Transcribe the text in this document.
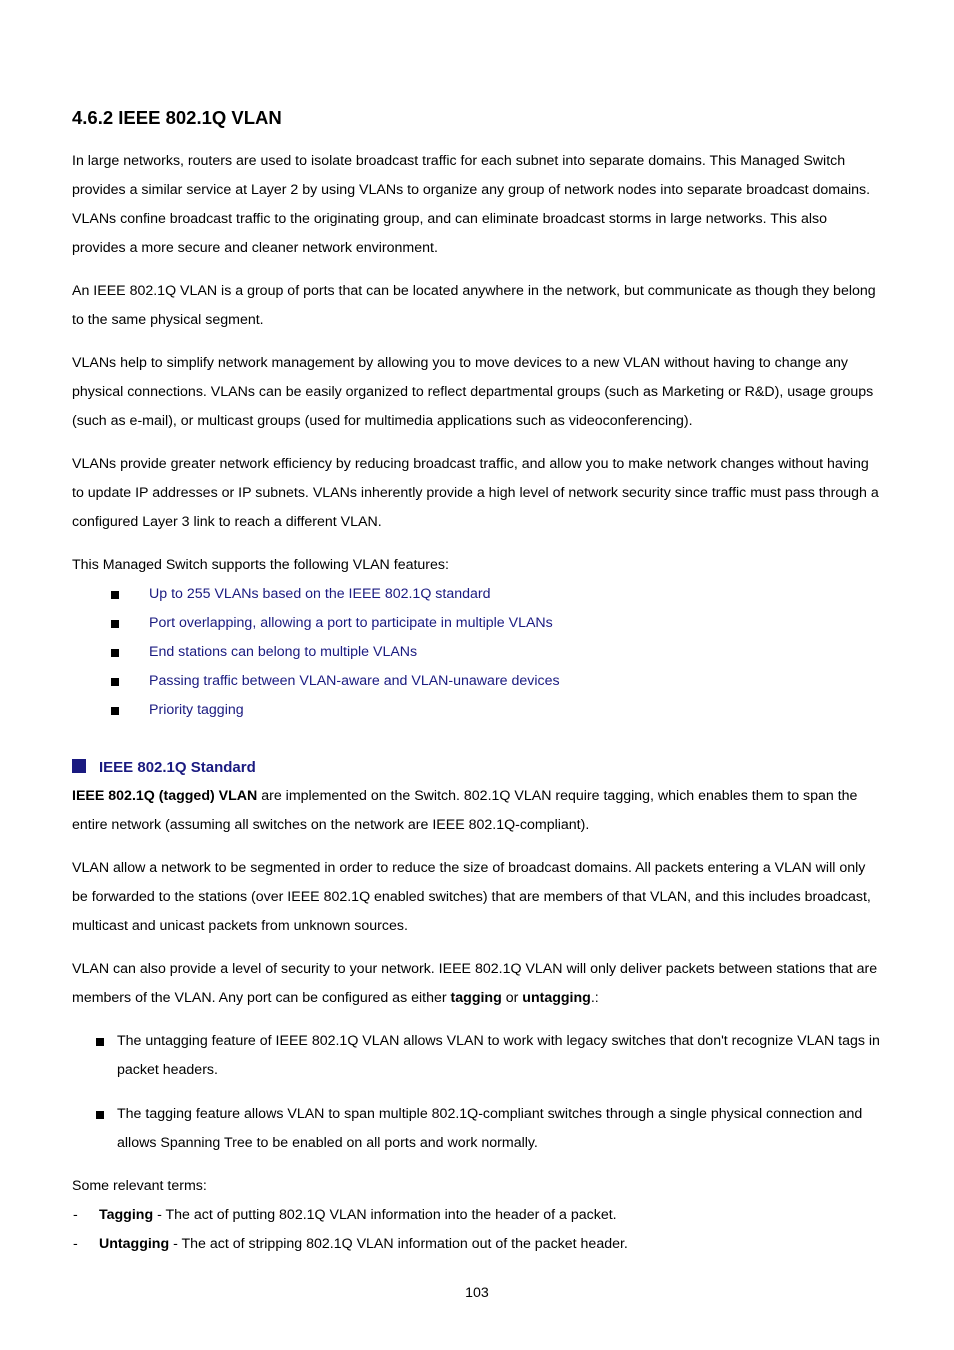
4.6.2 IEEE 802.1Q VLAN

In large networks, routers are used to isolate broadcast traffic for each subnet into separate domains. This Managed Switch provides a similar service at Layer 2 by using VLANs to organize any group of network nodes into separate broadcast domains. VLANs confine broadcast traffic to the originating group, and can eliminate broadcast storms in large networks. This also provides a more secure and cleaner network environment.

An IEEE 802.1Q VLAN is a group of ports that can be located anywhere in the network, but communicate as though they belong to the same physical segment.

VLANs help to simplify network management by allowing you to move devices to a new VLAN without having to change any physical connections. VLANs can be easily organized to reflect departmental groups (such as Marketing or R&D), usage groups (such as e-mail), or multicast groups (used for multimedia applications such as videoconferencing).

VLANs provide greater network efficiency by reducing broadcast traffic, and allow you to make network changes without having to update IP addresses or IP subnets. VLANs inherently provide a high level of network security since traffic must pass through a configured Layer 3 link to reach a different VLAN.

This Managed Switch supports the following VLAN features:

Up to 255 VLANs based on the IEEE 802.1Q standard
Port overlapping, allowing a port to participate in multiple VLANs
End stations can belong to multiple VLANs
Passing traffic between VLAN-aware and VLAN-unaware devices
Priority tagging
IEEE 802.1Q Standard

IEEE 802.1Q (tagged) VLAN are implemented on the Switch. 802.1Q VLAN require tagging, which enables them to span the entire network (assuming all switches on the network are IEEE 802.1Q-compliant).

VLAN allow a network to be segmented in order to reduce the size of broadcast domains. All packets entering a VLAN will only be forwarded to the stations (over IEEE 802.1Q enabled switches) that are members of that VLAN, and this includes broadcast, multicast and unicast packets from unknown sources.

VLAN can also provide a level of security to your network. IEEE 802.1Q VLAN will only deliver packets between stations that are members of the VLAN. Any port can be configured as either tagging or untagging.:

The untagging feature of IEEE 802.1Q VLAN allows VLAN to work with legacy switches that don't recognize VLAN tags in packet headers.
The tagging feature allows VLAN to span multiple 802.1Q-compliant switches through a single physical connection and allows Spanning Tree to be enabled on all ports and work normally.

Some relevant terms:

- Tagging - The act of putting 802.1Q VLAN information into the header of a packet.
- Untagging - The act of stripping 802.1Q VLAN information out of the packet header.
103
